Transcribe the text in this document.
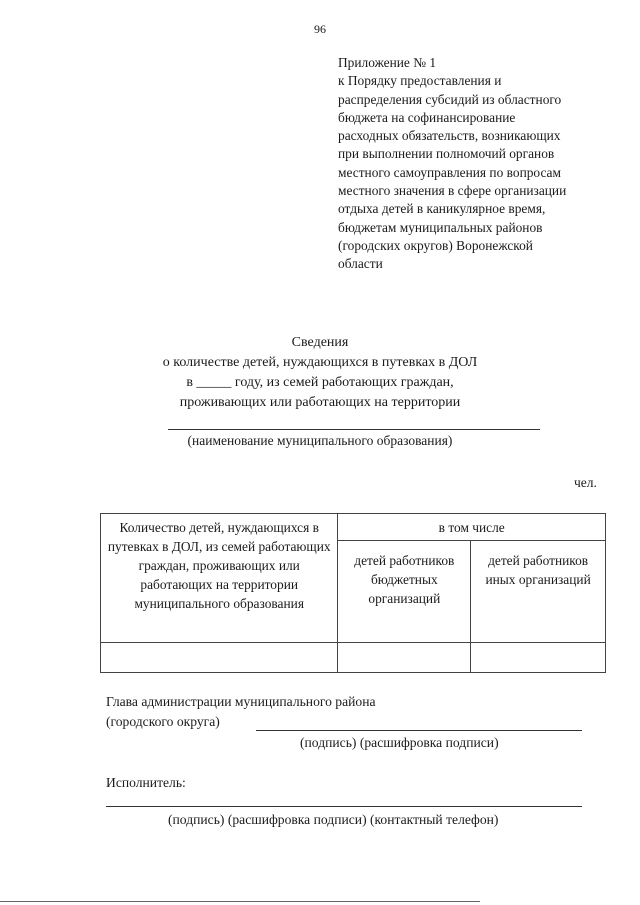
96
Приложение № 1
к Порядку предоставления и
распределения субсидий из областного
бюджета на софинансирование
расходных обязательств, возникающих
при выполнении полномочий органов
местного самоуправления по вопросам
местного значения в сфере организации
отдыха детей в каникулярное время,
бюджетам муниципальных районов
(городских округов) Воронежской
области
Сведения
о количестве детей, нуждающихся в путевках в ДОЛ
в _____ году, из семей работающих граждан,
проживающих или работающих на территории
(наименование муниципального образования)
чел.
Количество детей, нуждающихся в путевках в ДОЛ, из семей работающих граждан, проживающих или работающих на территории муниципального образования	в том числе	
	детей работников бюджетных организаций	детей работников иных организаций

Глава администрации муниципального района
(городского округа)
(подпись) (расшифровка подписи)
Исполнитель:
(подпись) (расшифровка подписи) (контактный телефон)
